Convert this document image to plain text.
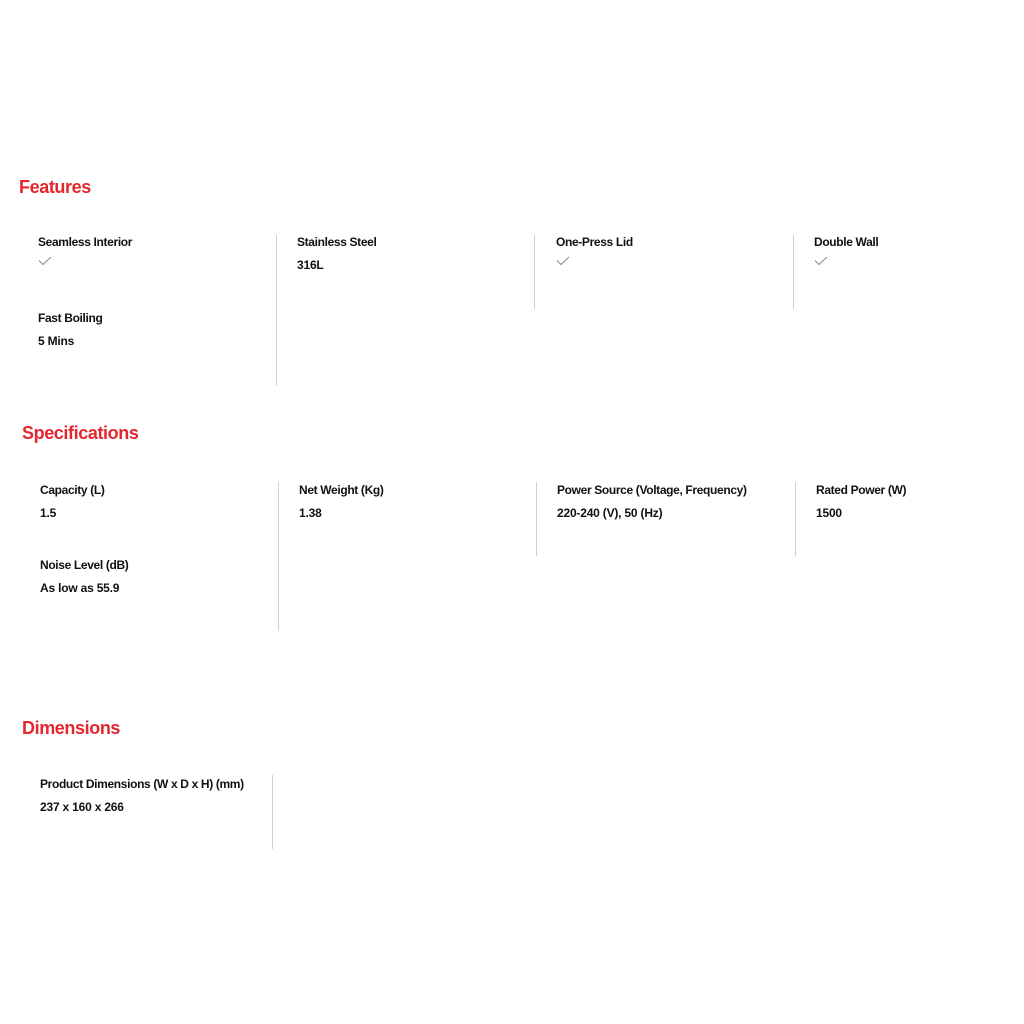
Features
Seamless Interior	Stainless Steel
316L
One-Press Lid	Double Wall
Fast Boiling
5 Mins
Specifications
Capacity (L)
1.5
Net Weight (Kg)
1.38
Power Source (Voltage, Frequency)
220-240 (V), 50 (Hz)
Rated Power (W)
1500
Noise Level (dB)
As low as 55.9
Dimensions
Product Dimensions (W x D x H) (mm)
237 x 160 x 266
